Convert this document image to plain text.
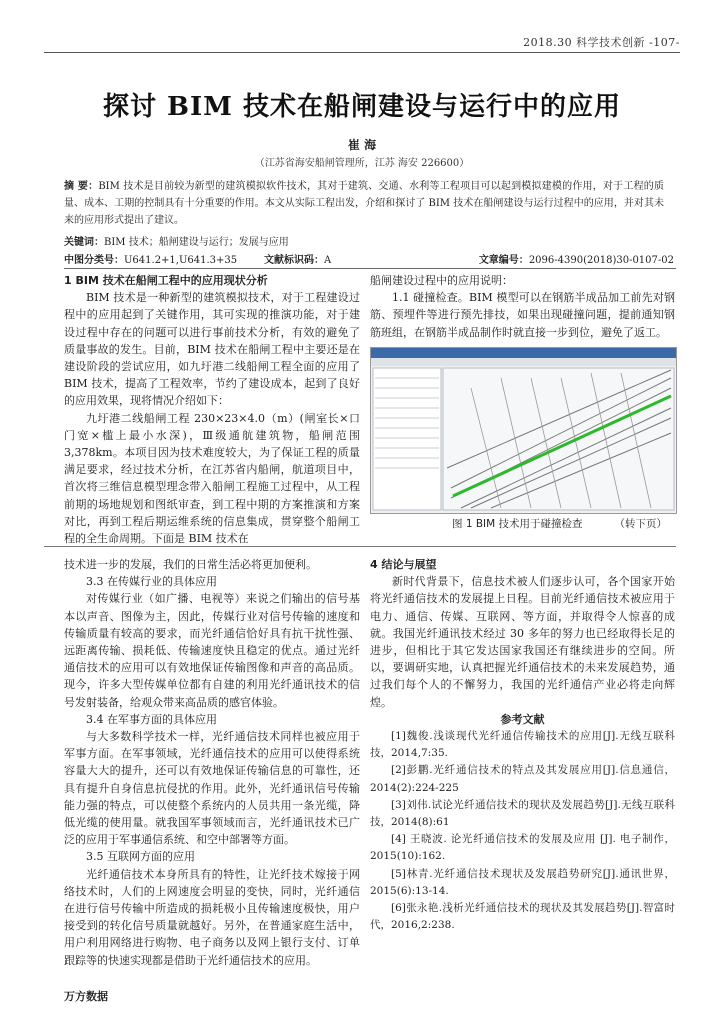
2018.30 科学技术创新 -107-
探讨 BIM 技术在船闸建设与运行中的应用
崔 海
（江苏省海安船闸管理所，江苏 海安 226600）
摘 要：BIM 技术是目前较为新型的建筑模拟软件技术，其对于建筑、交通、水利等工程项目可以起到模拟建模的作用，对于工程的质量、成本、工期的控制具有十分重要的作用。本文从实际工程出发，介绍和探讨了 BIM 技术在船闸建设与运行过程中的应用，并对其未来的应用形式提出了建议。
关键词：BIM 技术；船闸建设与运行；发展与应用
中图分类号：U641.2+1,U641.3+35	文献标识码：A	文章编号：2096-4390(2018)30-0107-02
1 BIM 技术在船闸工程中的应用现状分析

BIM 技术是一种新型的建筑模拟技术，对于工程建设过程中的应用起到了关键作用，其可实现的推演功能，对于建设过程中存在的问题可以进行事前技术分析，有效的避免了质量事故的发生。目前，BIM 技术在船闸工程中主要还是在建设阶段的尝试应用，如九圩港二线船闸工程全面的应用了 BIM 技术，提高了工程效率，节约了建设成本，起到了良好的应用效果，现将情况介绍如下：

九圩港二线船闸工程 230×23×4.0（m）(闸室长×口门宽×槛上最小水深)，Ⅲ级通航建筑物，船闸范围 3,378km。本项目因为技术难度较大，为了保证工程的质量满足要求，经过技术分析，在江苏省内船闸，航道项目中，首次将三维信息模型理念带入船闸工程施工过程中，从工程前期的场地规划和图纸审查，到工程中期的方案推演和方案对比，再到工程后期运维系统的信息集成，贯穿整个船闸工程的全生命周期。下面是 BIM 技术在

船闸建设过程中的应用说明：

1.1 碰撞检查。BIM 模型可以在钢筋半成品加工前先对钢筋、预埋件等进行预先排技，如果出现碰撞问题，提前通知钢筋班组，在钢筋半成品制作时就直接一步到位，避免了返工。

图 1 BIM 技术用于碰撞检查	（转下页）

技术进一步的发展，我们的日常生活必将更加便利。

3.3 在传媒行业的具体应用

对传媒行业（如广播、电视等）来说之们输出的信号基本以声音、图像为主，因此，传媒行业对信号传输的速度和传输质量有较高的要求，而光纤通信恰好具有抗干扰性强、远距离传输、损耗低、传输速度快且稳定的优点。通过光纤通信技术的应用可以有效地保证传输图像和声音的高品质。现今，许多大型传媒单位都有自建的利用光纤通讯技术的信号发射装备，给观众带来高品质的感官体验。

3.4 在军事方面的具体应用

与大多数科学技术一样，光纤通信技术同样也被应用于军事方面。在军事领域，光纤通信技术的应用可以使得系统容量大大的提升，还可以有效地保证传输信息的可靠性，还具有提升自身信息抗侵扰的作用。此外，光纤通讯信号传输能力强的特点，可以使整个系统内的人员共用一条光缆，降低光缆的使用量。就我国军事领域而言，光纤通讯技术已广泛的应用于军事通信系统、和空中部署等方面。

3.5 互联网方面的应用

光纤通信技术本身所具有的特性，让光纤技术嫁接于网络技术时，人们的上网速度会明显的变快，同时，光纤通信在进行信号传输中所造成的损耗极小且传输速度极快，用户接受到的转化信号质量就越好。另外，在普通家庭生活中，用户利用网络进行购物、电子商务以及网上银行支付、订单跟踪等的快速实现都是借助于光纤通信技术的应用。

4 结论与展望

新时代背景下，信息技术被人们逐步认可，各个国家开始将光纤通信技术的发展提上日程。目前光纤通信技术被应用于电力、通信、传媒、互联网、等方面，并取得令人惊喜的成就。我国光纤通讯技术经过 30 多年的努力也已经取得长足的进步，但相比于其它发达国家我国还有继续进步的空间。所以，要调研实地，认真把握光纤通信技术的未来发展趋势，通过我们每个人的不懈努力，我国的光纤通信产业必将走向辉煌。

参考文献

[1]魏俊.浅谈现代光纤通信传输技术的应用[J].无线互联科技，2014,7:35.

[2]彭鹏.光纤通信技术的特点及其发展应用[J].信息通信，2014(2):224-225

[3]刘伟.试论光纤通信技术的现状及发展趋势[J].无线互联科技，2014(8):61

[4] 王晓波. 论光纤通信技术的发展及应用 [J]. 电子制作，2015(10):162.

[5]林青.光纤通信技术现状及发展趋势研究[J].通讯世界，2015(6):13-14.

[6]张永艳.浅析光纤通信技术的现状及其发展趋势[J].智富时代，2016,2:238.

万方数据
